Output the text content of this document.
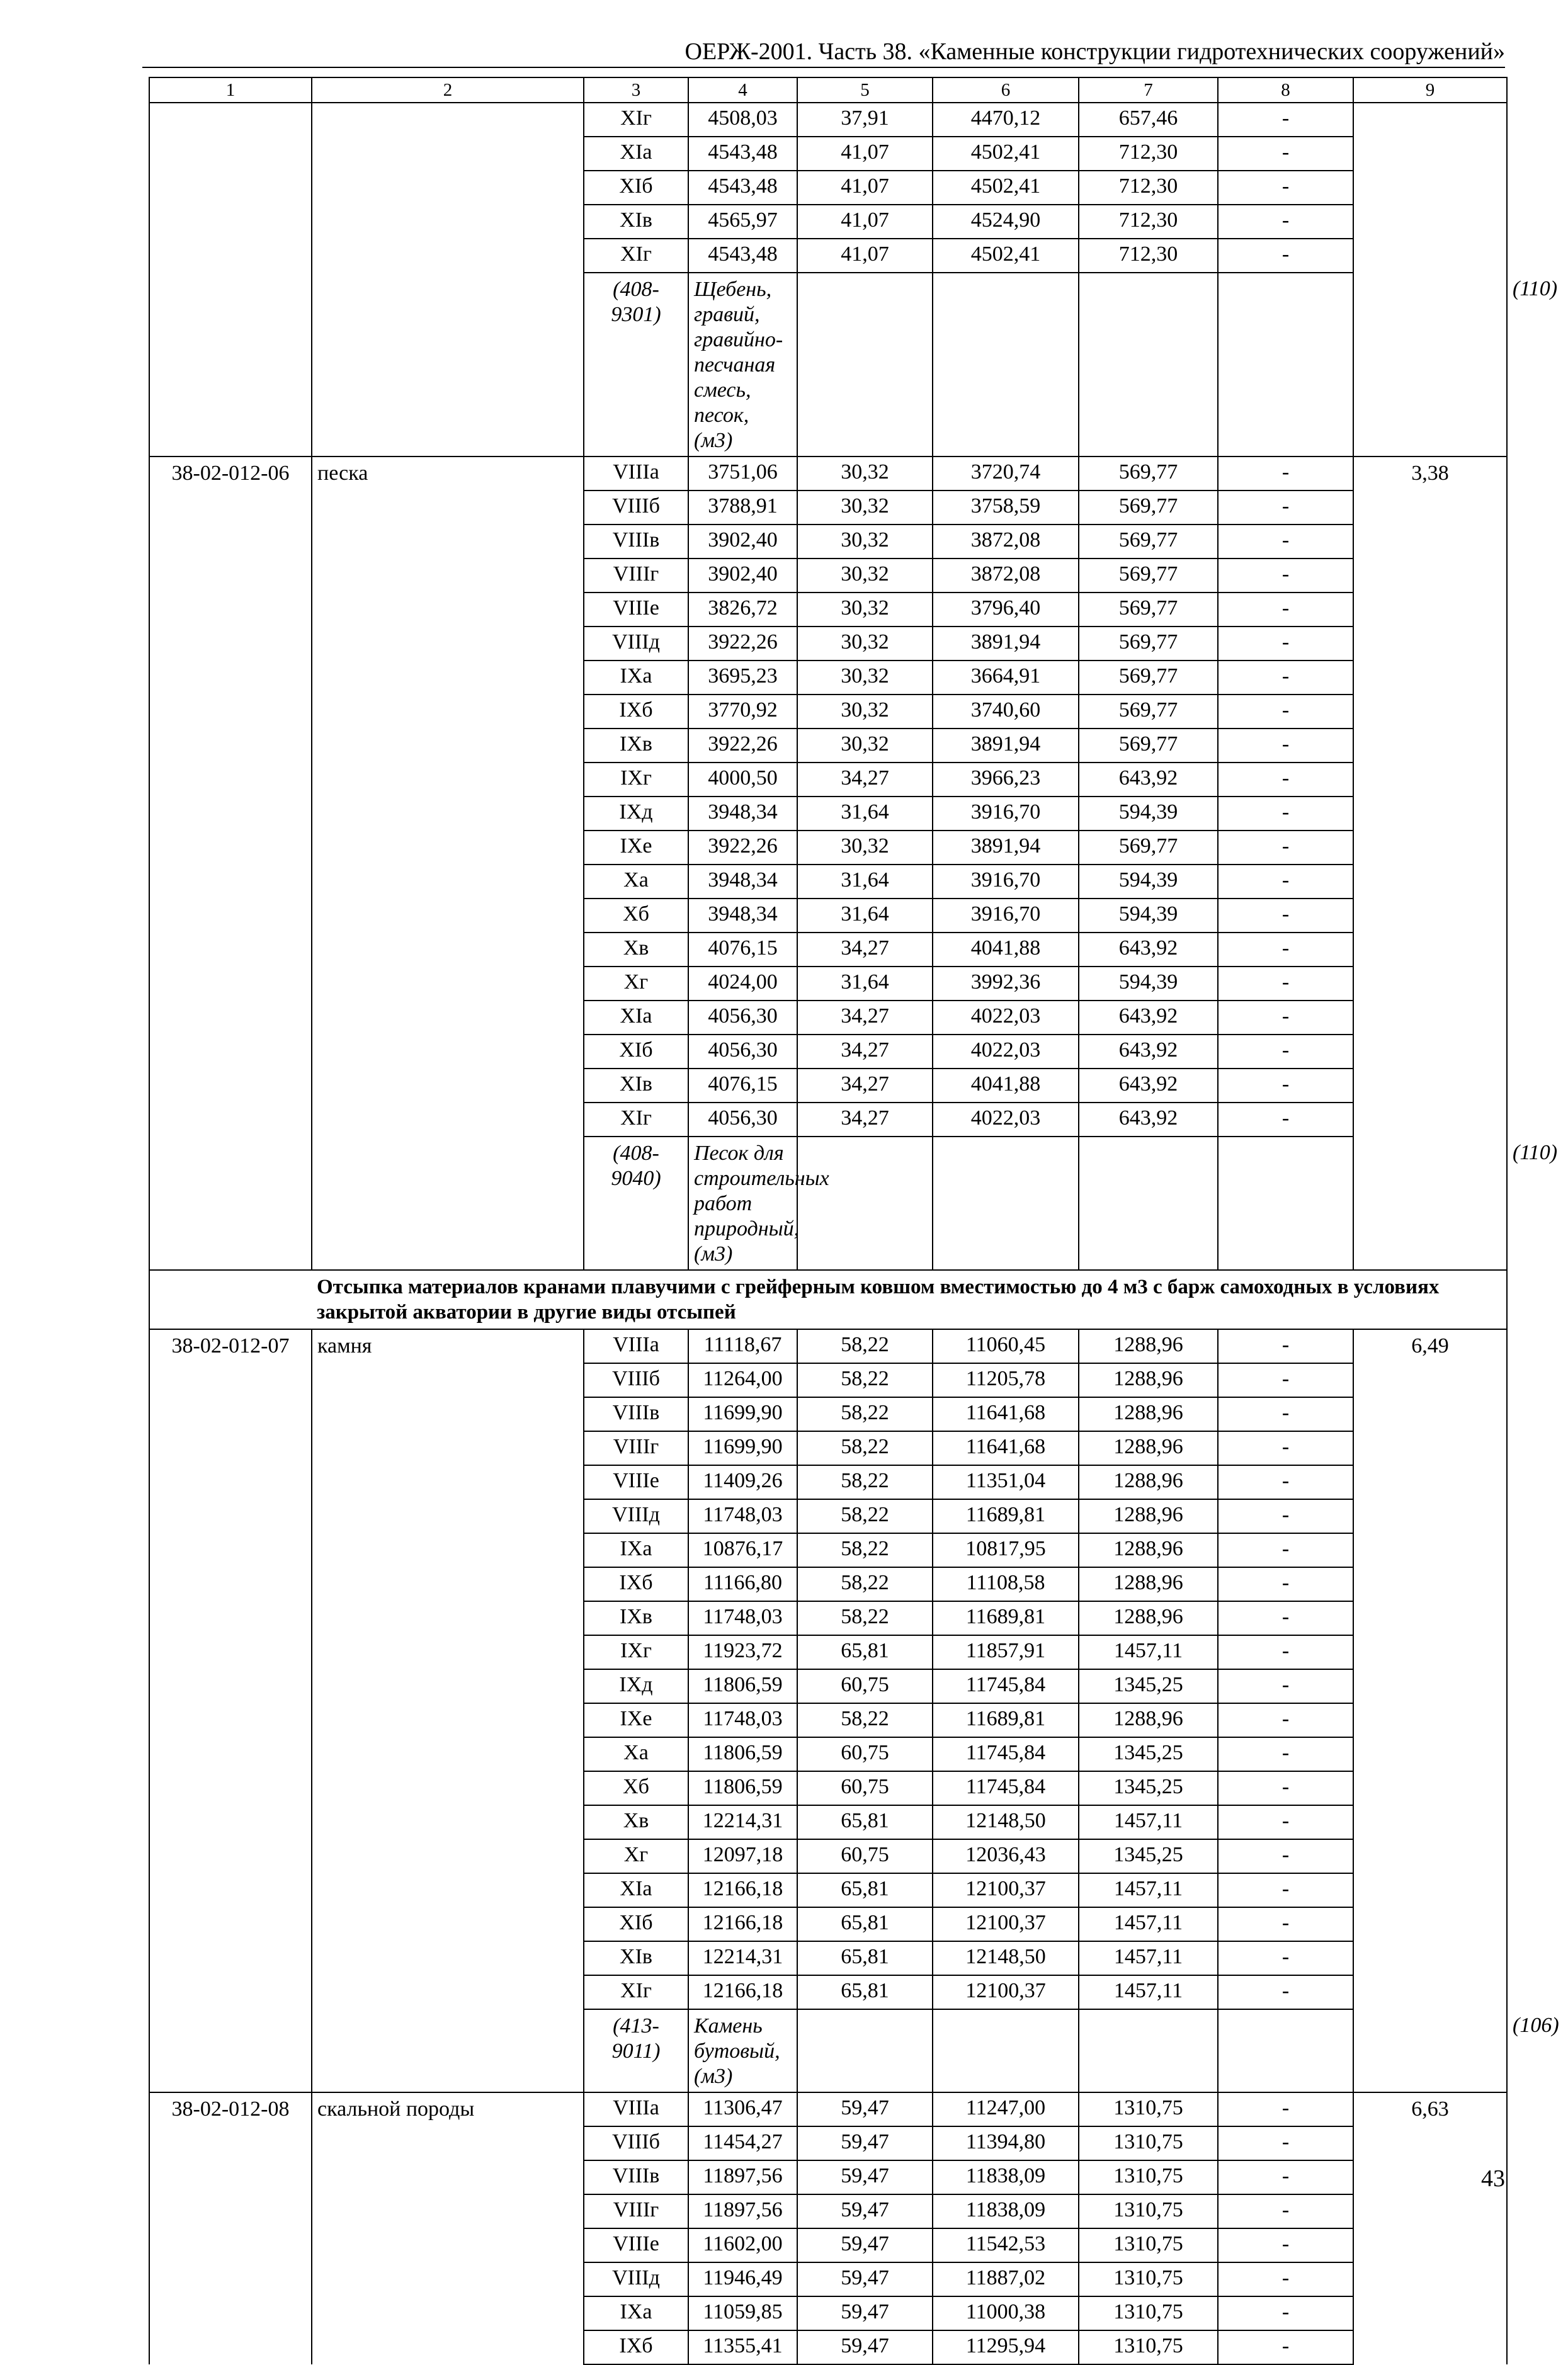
ОЕРЖ-2001. Часть 38. «Каменные конструкции гидротехнических сооружений»
1	2	3	4	5	6	7	8	9	
		XIг	4508,03	37,91	4470,12	657,46	-		
		XIа	4543,48	41,07	4502,41	712,30	-		
		XIб	4543,48	41,07	4502,41	712,30	-		
		XIв	4565,97	41,07	4524,90	712,30	-		
		XIг	4543,48	41,07	4502,41	712,30	-		
		(408-9301)	Щебень, гравий, гравийно-песчаная смесь, песок, (м3)						(110)
38-02-012-06	песка	VIIIа	3751,06	30,32	3720,74	569,77	-	3,38	
		VIIIб	3788,91	30,32	3758,59	569,77	-		
		VIIIв	3902,40	30,32	3872,08	569,77	-		
		VIIIг	3902,40	30,32	3872,08	569,77	-		
		VIIIе	3826,72	30,32	3796,40	569,77	-		
		VIIIд	3922,26	30,32	3891,94	569,77	-		
		IXа	3695,23	30,32	3664,91	569,77	-		
		IXб	3770,92	30,32	3740,60	569,77	-		
		IXв	3922,26	30,32	3891,94	569,77	-		
		IXг	4000,50	34,27	3966,23	643,92	-		
		IXд	3948,34	31,64	3916,70	594,39	-		
		IXе	3922,26	30,32	3891,94	569,77	-		
		Xа	3948,34	31,64	3916,70	594,39	-		
		Xб	3948,34	31,64	3916,70	594,39	-		
		Xв	4076,15	34,27	4041,88	643,92	-		
		Xг	4024,00	31,64	3992,36	594,39	-		
		XIа	4056,30	34,27	4022,03	643,92	-		
		XIб	4056,30	34,27	4022,03	643,92	-		
		XIв	4076,15	34,27	4041,88	643,92	-		
		XIг	4056,30	34,27	4022,03	643,92	-		
		(408-9040)	Песок для строительных работ природный, (м3)						(110)
	Отсыпка материалов кранами плавучими с грейферным ковшом вместимостью до 4 м3 с барж самоходных в условиях закрытой акватории в другие виды отсыпей								
38-02-012-07	камня	VIIIа	11118,67	58,22	11060,45	1288,96	-	6,49	
		VIIIб	11264,00	58,22	11205,78	1288,96	-		
		VIIIв	11699,90	58,22	11641,68	1288,96	-		
		VIIIг	11699,90	58,22	11641,68	1288,96	-		
		VIIIе	11409,26	58,22	11351,04	1288,96	-		
		VIIIд	11748,03	58,22	11689,81	1288,96	-		
		IXа	10876,17	58,22	10817,95	1288,96	-		
		IXб	11166,80	58,22	11108,58	1288,96	-		
		IXв	11748,03	58,22	11689,81	1288,96	-		
		IXг	11923,72	65,81	11857,91	1457,11	-		
		IXд	11806,59	60,75	11745,84	1345,25	-		
		IXе	11748,03	58,22	11689,81	1288,96	-		
		Xа	11806,59	60,75	11745,84	1345,25	-		
		Xб	11806,59	60,75	11745,84	1345,25	-		
		Xв	12214,31	65,81	12148,50	1457,11	-		
		Xг	12097,18	60,75	12036,43	1345,25	-		
		XIа	12166,18	65,81	12100,37	1457,11	-		
		XIб	12166,18	65,81	12100,37	1457,11	-		
		XIв	12214,31	65,81	12148,50	1457,11	-		
		XIг	12166,18	65,81	12100,37	1457,11	-		
		(413-9011)	Камень бутовый, (м3)						(106)
38-02-012-08	скальной породы	VIIIа	11306,47	59,47	11247,00	1310,75	-	6,63	
		VIIIб	11454,27	59,47	11394,80	1310,75	-		
		VIIIв	11897,56	59,47	11838,09	1310,75	-		
		VIIIг	11897,56	59,47	11838,09	1310,75	-		
		VIIIе	11602,00	59,47	11542,53	1310,75	-		
		VIIIд	11946,49	59,47	11887,02	1310,75	-		
		IXа	11059,85	59,47	11000,38	1310,75	-		
		IXб	11355,41	59,47	11295,94	1310,75	-		
43
